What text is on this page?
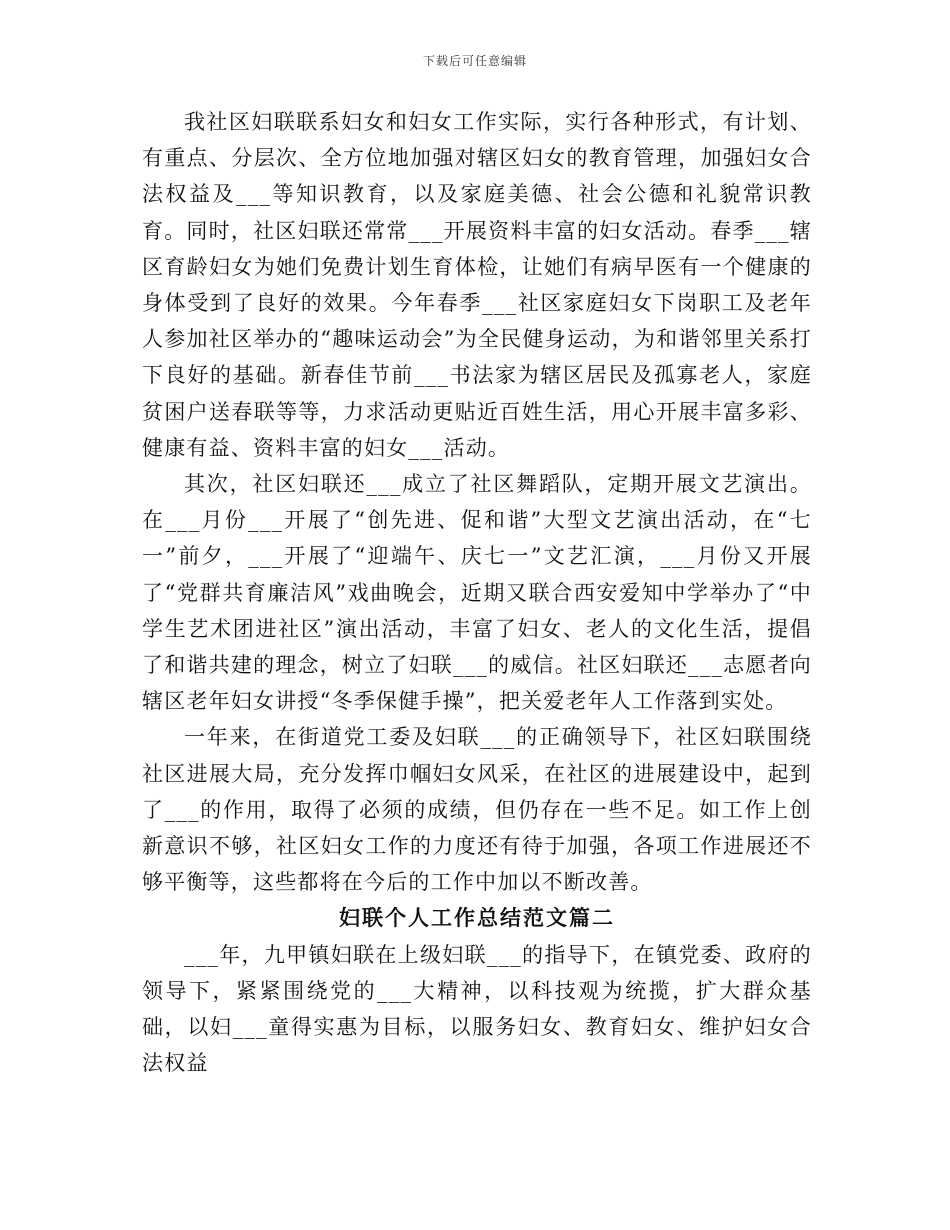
下载后可任意编辑

我社区妇联联系妇女和妇女工作实际，实行各种形式，有计划、有重点、分层次、全方位地加强对辖区妇女的教育管理，加强妇女合法权益及___等知识教育，以及家庭美德、社会公德和礼貌常识教育。同时，社区妇联还常常___开展资料丰富的妇女活动。春季___辖区育龄妇女为她们免费计划生育体检，让她们有病早医有一个健康的身体受到了良好的效果。今年春季___社区家庭妇女下岗职工及老年人参加社区举办的“趣味运动会”为全民健身运动，为和谐邻里关系打下良好的基础。新春佳节前___书法家为辖区居民及孤寡老人，家庭贫困户送春联等等，力求活动更贴近百姓生活，用心开展丰富多彩、健康有益、资料丰富的妇女___活动。

其次，社区妇联还___成立了社区舞蹈队，定期开展文艺演出。在___月份___开展了“创先进、促和谐”大型文艺演出活动，在“七一”前夕，___开展了“迎端午、庆七一”文艺汇演，___月份又开展了“党群共育廉洁风”戏曲晚会，近期又联合西安爱知中学举办了“中学生艺术团进社区”演出活动，丰富了妇女、老人的文化生活，提倡了和谐共建的理念，树立了妇联___的威信。社区妇联还___志愿者向辖区老年妇女讲授“冬季保健手操”，把关爱老年人工作落到实处。

一年来，在街道党工委及妇联___的正确领导下，社区妇联围绕社区进展大局，充分发挥巾帼妇女风采，在社区的进展建设中，起到了___的作用，取得了必须的成绩，但仍存在一些不足。如工作上创新意识不够，社区妇女工作的力度还有待于加强，各项工作进展还不够平衡等，这些都将在今后的工作中加以不断改善。

妇联个人工作总结范文篇二

___年，九甲镇妇联在上级妇联___的指导下，在镇党委、政府的领导下，紧紧围绕党的___大精神，以科技观为统揽，扩大群众基础，以妇___童得实惠为目标，以服务妇女、教育妇女、维护妇女合法权益
